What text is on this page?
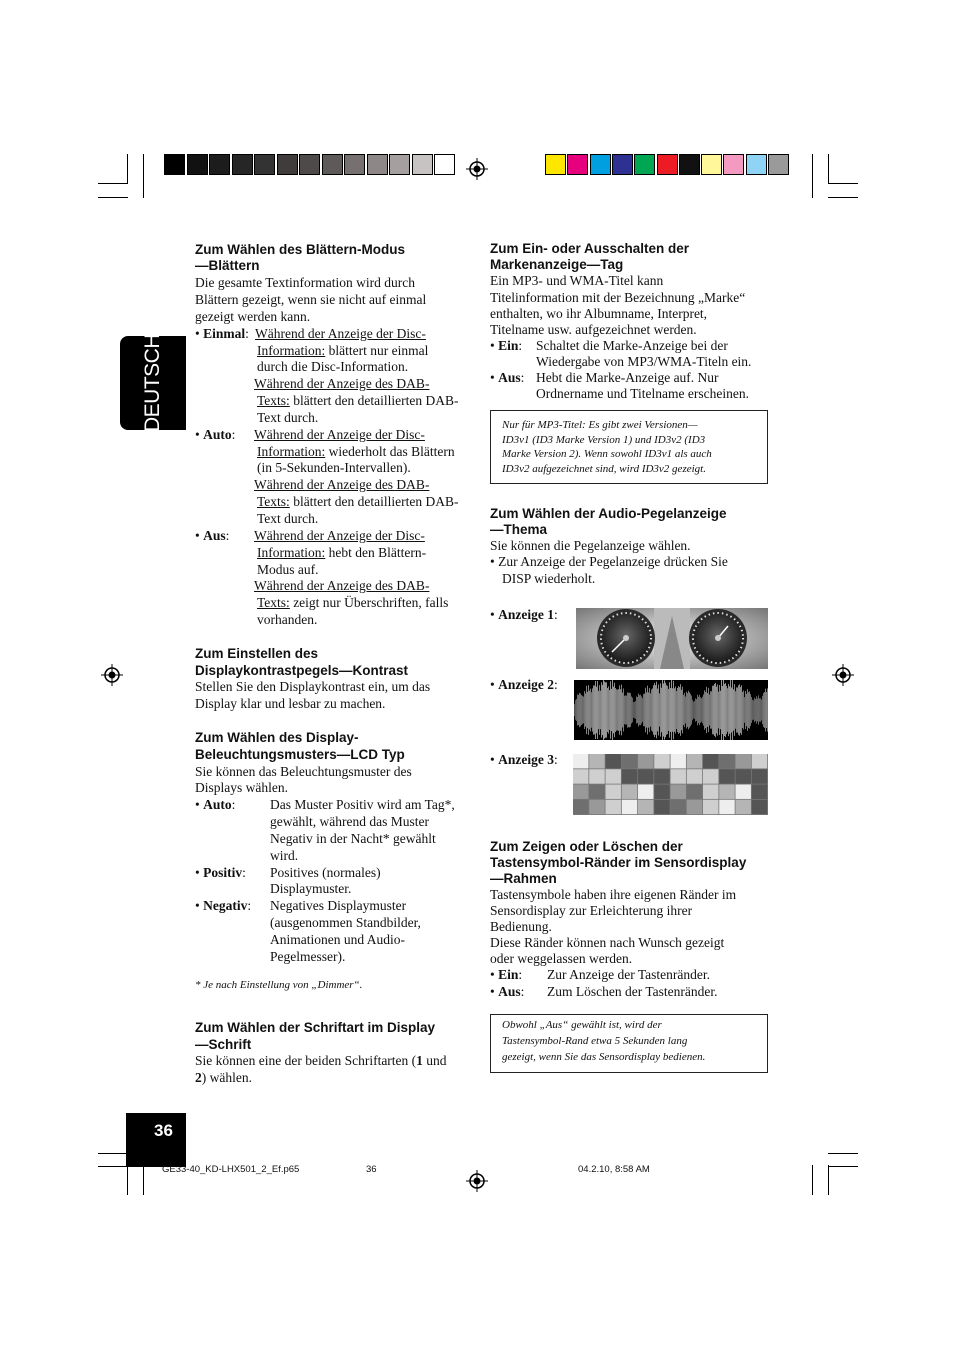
DEUTSCH
36
GE33-40_KD-LHX501_2_Ef.p65	36	04.2.10, 8:58 AM
Zum Wählen des Blättern-Modus
—Blättern
Die gesamte Textinformation wird durch
Blättern gezeigt, wenn sie nicht auf einmal
gezeigt werden kann.
• Einmal: Während der Anzeige der Disc-
Information: blättert nur einmal
durch die Disc-Information.
Während der Anzeige des DAB-
Texts: blättert den detaillierten DAB-
Text durch.
• Auto: Während der Anzeige der Disc-
Information: wiederholt das Blättern
(in 5-Sekunden-Intervallen).
Während der Anzeige des DAB-
Texts: blättert den detaillierten DAB-
Text durch.
• Aus: Während der Anzeige der Disc-
Information: hebt den Blättern-
Modus auf.
Während der Anzeige des DAB-
Texts: zeigt nur Überschriften, falls
vorhanden.
Zum Einstellen des
Displaykontrastpegels—Kontrast
Stellen Sie den Displaykontrast ein, um das
Display klar und lesbar zu machen.
Zum Wählen des Display-
Beleuchtungsmusters—LCD Typ
Sie können das Beleuchtungsmuster des
Displays wählen.
• Auto:	Das Muster Positiv wird am Tag*,
gewählt, während das Muster
Negativ in der Nacht* gewählt
wird.
• Positiv: Positives (normales)
Displaymuster.
• Negativ: Negatives Displaymuster
(ausgenommen Standbilder,
Animationen und Audio-
Pegelmesser).
* Je nach Einstellung von „Dimmer“.
Zum Wählen der Schriftart im Display
—Schrift
Sie können eine der beiden Schriftarten (1 und
2) wählen.
Zum Ein- oder Ausschalten der
Markenanzeige—Tag
Ein MP3- und WMA-Titel kann
Titelinformation mit der Bezeichnung „Marke“
enthalten, wo ihr Albumname, Interpret,
Titelname usw. aufgezeichnet werden.
• Ein: Schaltet die Marke-Anzeige bei der
Wiedergabe von MP3/WMA-Titeln ein.
• Aus: Hebt die Marke-Anzeige auf. Nur
Ordnername und Titelname erscheinen.
Nur für MP3-Titel: Es gibt zwei Versionen—
ID3v1 (ID3 Marke Version 1) und ID3v2 (ID3
Marke Version 2). Wenn sowohl ID3v1 als auch
ID3v2 aufgezeichnet sind, wird ID3v2 gezeigt.
Zum Wählen der Audio-Pegelanzeige
—Thema
Sie können die Pegelanzeige wählen.
• Zur Anzeige der Pegelanzeige drücken Sie
DISP wiederholt.
• Anzeige 1:
• Anzeige 2:
• Anzeige 3:
Zum Zeigen oder Löschen der
Tastensymbol-Ränder im Sensordisplay
—Rahmen
Tastensymbole haben ihre eigenen Ränder im
Sensordisplay zur Erleichterung ihrer
Bedienung.
Diese Ränder können nach Wunsch gezeigt
oder weggelassen werden.
• Ein: Zur Anzeige der Tastenränder.
• Aus: Zum Löschen der Tastenränder.
Obwohl „Aus“ gewählt ist, wird der
Tastensymbol-Rand etwa 5 Sekunden lang
gezeigt, wenn Sie das Sensordisplay bedienen.
